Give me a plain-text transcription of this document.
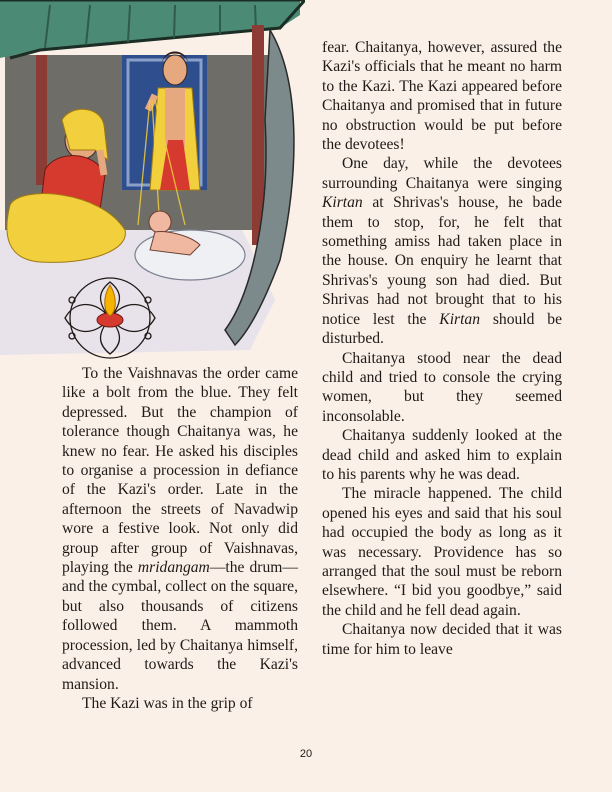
To the Vaishnavas the order came like a bolt from the blue. They felt depressed. But the champion of tolerance though Chaitanya was, he knew no fear. He asked his disciples to organise a procession in defiance of the Kazi's order. Late in the afternoon the streets of Navadwip wore a festive look. Not only did group after group of Vaishnavas, playing the mridangam—the drum—and the cymbal, collect on the square, but also thousands of citizens followed them. A mammoth procession, led by Chaitanya himself, advanced towards the Kazi's mansion.

The Kazi was in the grip of

fear. Chaitanya, however, assured the Kazi's officials that he meant no harm to the Kazi. The Kazi appeared before Chaitanya and promised that in future no obstruction would be put before the devotees!

One day, while the devotees surrounding Chaitanya were singing Kirtan at Shrivas's house, he bade them to stop, for, he felt that something amiss had taken place in the house. On enquiry he learnt that Shrivas's young son had died. But Shrivas had not brought that to his notice lest the Kirtan should be disturbed.

Chaitanya stood near the dead child and tried to console the crying women, but they seemed inconsolable.

Chaitanya suddenly looked at the dead child and asked him to explain to his parents why he was dead.

The miracle happened. The child opened his eyes and said that his soul had occupied the body as long as it was necessary. Providence has so arranged that the soul must be reborn elsewhere. “I bid you goodbye,” said the child and he fell dead again.

Chaitanya now decided that it was time for him to leave

20
